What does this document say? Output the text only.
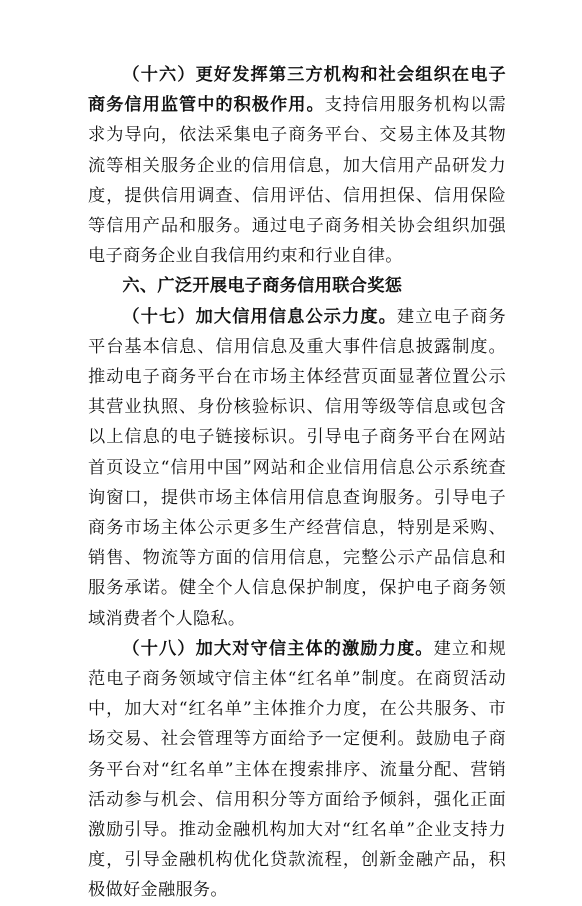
（十六）更好发挥第三方机构和社会组织在电子商务信用监管中的积极作用。支持信用服务机构以需求为导向，依法采集电子商务平台、交易主体及其物流等相关服务企业的信用信息，加大信用产品研发力度，提供信用调查、信用评估、信用担保、信用保险等信用产品和服务。通过电子商务相关协会组织加强电子商务企业自我信用约束和行业自律。

六、广泛开展电子商务信用联合奖惩

（十七）加大信用信息公示力度。建立电子商务平台基本信息、信用信息及重大事件信息披露制度。推动电子商务平台在市场主体经营页面显著位置公示其营业执照、身份核验标识、信用等级等信息或包含以上信息的电子链接标识。引导电子商务平台在网站首页设立“信用中国”网站和企业信用信息公示系统查询窗口，提供市场主体信用信息查询服务。引导电子商务市场主体公示更多生产经营信息，特别是采购、销售、物流等方面的信用信息，完整公示产品信息和服务承诺。健全个人信息保护制度，保护电子商务领域消费者个人隐私。

（十八）加大对守信主体的激励力度。建立和规范电子商务领域守信主体“红名单”制度。在商贸活动中，加大对“红名单”主体推介力度，在公共服务、市场交易、社会管理等方面给予一定便利。鼓励电子商务平台对“红名单”主体在搜索排序、流量分配、营销活动参与机会、信用积分等方面给予倾斜，强化正面激励引导。推动金融机构加大对“红名单”企业支持力度，引导金融机构优化贷款流程，创新金融产品，积极做好金融服务。
